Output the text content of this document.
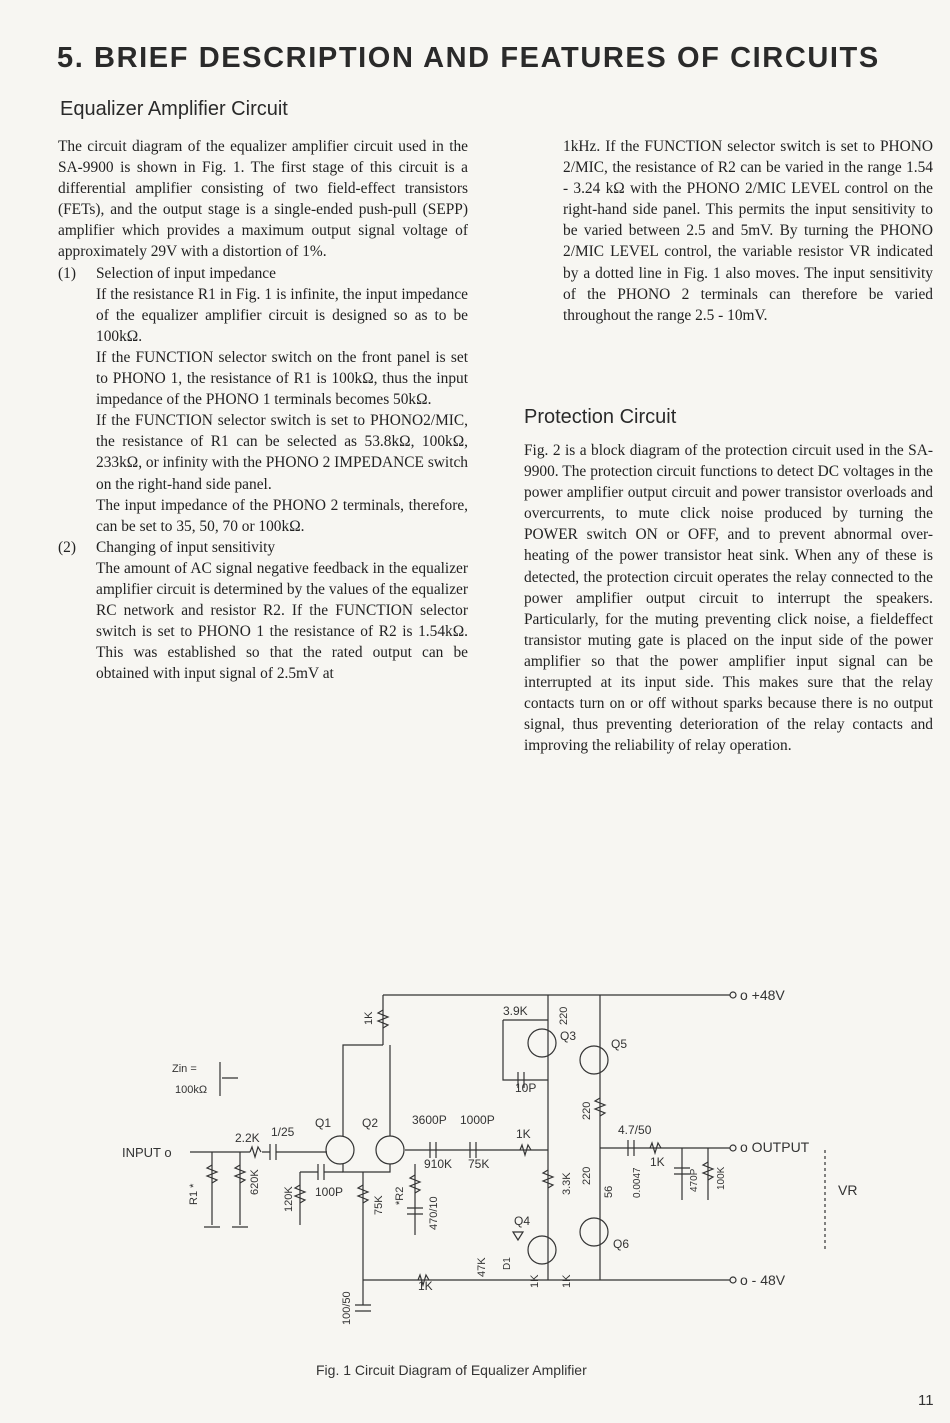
5. BRIEF DESCRIPTION AND FEATURES OF CIRCUITS
Equalizer Amplifier Circuit

The circuit diagram of the equalizer amplifier circuit used in the SA-9900 is shown in Fig. 1. The first stage of this circuit is a differential amplifier consisting of two field-effect transistors (FETs), and the output stage is a single-ended push-pull (SEPP) amplifier which provides a maximum output signal voltage of approximately 29V with a distortion of 1%.

(1)	Selection of input impedance

If the resistance R1 in Fig. 1 is infinite, the input impedance of the equalizer amplifier circuit is designed so as to be 100kΩ.

If the FUNCTION selector switch on the front panel is set to PHONO 1, the resistance of R1 is 100kΩ, thus the input impedance of the PHONO 1 terminals becomes 50kΩ.

If the FUNCTION selector switch is set to PHONO2/MIC, the resistance of R1 can be selected as 53.8kΩ, 100kΩ, 233kΩ, or infinity with the PHONO 2 IMPEDANCE switch on the right-hand side panel.

The input impedance of the PHONO 2 terminals, therefore, can be set to 35, 50, 70 or 100kΩ.

(2)	Changing of input sensitivity

The amount of AC signal negative feedback in the equalizer amplifier circuit is determined by the values of the equalizer RC network and resistor R2. If the FUNCTION selector switch is set to PHONO 1 the resistance of R2 is 1.54kΩ. This was established so that the rated output can be obtained with input signal of 2.5mV at

1kHz. If the FUNCTION selector switch is set to PHONO 2/MIC, the resistance of R2 can be varied in the range 1.54 - 3.24 kΩ with the PHONO 2/MIC LEVEL control on the right-hand side panel. This permits the input sensitivity to be varied between 2.5 and 5mV. By turning the PHONO 2/MIC LEVEL control, the variable resistor VR indicated by a dotted line in Fig. 1 also moves. The input sensitivity of the PHONO 2 terminals can therefore be varied throughout the range 2.5 - 10mV.

Protection Circuit

Fig. 2 is a block diagram of the protection circuit used in the SA-9900. The protection circuit functions to detect DC voltages in the power amplifier output circuit and power transistor overloads and overcurrents, to mute click noise produced by turning the POWER switch ON or OFF, and to prevent abnormal over-heating of the power transistor heat sink. When any of these is detected, the protection circuit operates the relay connected to the power amplifier output circuit to interrupt the speakers. Particularly, for the muting preventing click noise, a fieldeffect transistor muting gate is placed on the input side of the power amplifier so that the power amplifier input signal can be interrupted at its input side. This makes sure that the relay contacts turn on or off without sparks because there is no output signal, thus preventing deterioration of the relay contacts and improving the reliability of relay operation.

o +48V
o - 48V
INPUT o
2.2K 1/25
R1 *	620K
Zin =
100kΩ
Q1	Q2
1K
120K 100P
75K *R2
470/10
3600P 1000P
910K 75K
1K
Q3
Q5
3.9K	220
10P
220
3.3K 220
56 0.0047
Q4
Q6
47K D1
1K 1K
4.7/50
1K
470P 100K
o OUTPUT
VR
1K
100/50
Fig. 1 Circuit Diagram of Equalizer Amplifier
11
